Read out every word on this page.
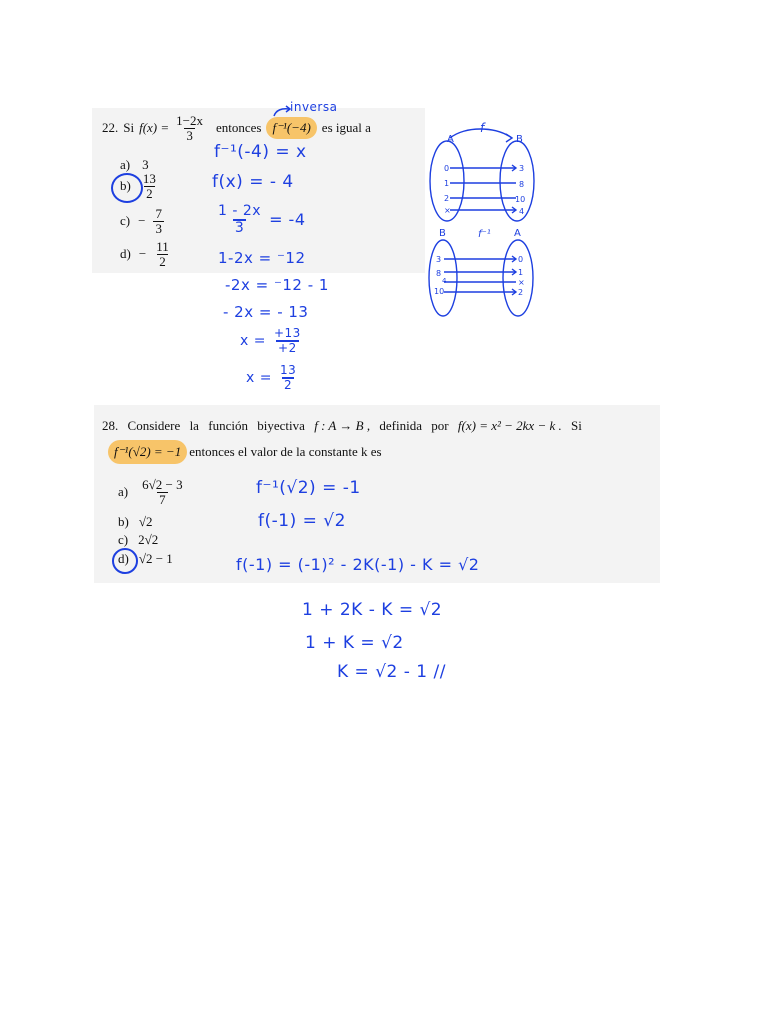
22. Si $f(x) = \frac{1-2x}{3}$ entonces f⁻¹(−4) es igual a
inversa
a) 3
$b) \frac{13}{2}$
$c) - \frac{7}{3}$
$d) - \frac{11}{2}$
f⁻¹(-4) = x
f(x) = - 4
$\frac{1 - 2x}{3} = -4$
1-2x = ⁻12
-2x = ⁻12 - 1
- 2x = - 13
$x = \frac{+13}{+2}$
$x = \frac{13}{2}$
A
f
B
0
1
2
×
3
8
10
4
B	f⁻¹ A
3
8
4
10
0
1
×
2
28. Considere la función biyectiva f : A → B , definida por f(x) = x² − 2kx − k . Si
f⁻¹(√2) = −1 entonces el valor de la constante k es
$a) \frac{6√2 - 3}{7}$
b) √2
c) 2√2
d) √2 − 1
f⁻¹(√2) = -1
f(-1) = √2
f(-1) = (-1)² - 2K(-1) - K = √2
1 + 2K - K = √2
1 + K = √2
K = √2 - 1 //
